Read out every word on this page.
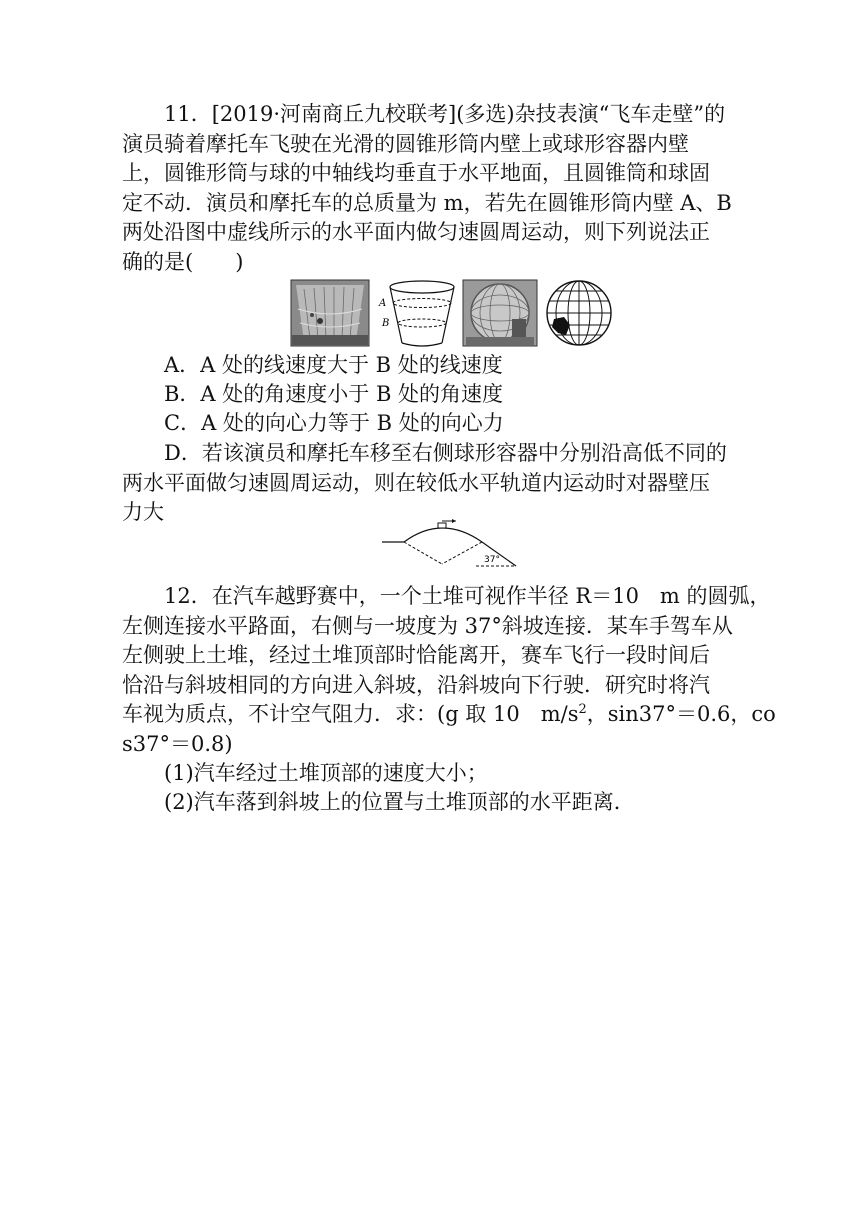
11．[2019·河南商丘九校联考](多选)杂技表演“飞车走壁”的
演员骑着摩托车飞驶在光滑的圆锥形筒内壁上或球形容器内壁
上，圆锥形筒与球的中轴线均垂直于水平地面，且圆锥筒和球固
定不动．演员和摩托车的总质量为 m，若先在圆锥形筒内壁 A、B
两处沿图中虚线所示的水平面内做匀速圆周运动，则下列说法正
确的是(　　)
A
B
A．A 处的线速度大于 B 处的线速度
B．A 处的角速度小于 B 处的角速度
C．A 处的向心力等于 B 处的向心力
D．若该演员和摩托车移至右侧球形容器中分别沿高低不同的
两水平面做匀速圆周运动，则在较低水平轨道内运动时对器壁压
力大
37°
12．在汽车越野赛中，一个土堆可视作半径 R＝10　m 的圆弧，
左侧连接水平路面，右侧与一坡度为 37°斜坡连接．某车手驾车从
左侧驶上土堆，经过土堆顶部时恰能离开，赛车飞行一段时间后
恰沿与斜坡相同的方向进入斜坡，沿斜坡向下行驶．研究时将汽
车视为质点，不计空气阻力．求：(g 取 10　$m/s^2$，sin37°＝0.6，co
s37°＝0.8)
(1)汽车经过土堆顶部的速度大小；
(2)汽车落到斜坡上的位置与土堆顶部的水平距离．
